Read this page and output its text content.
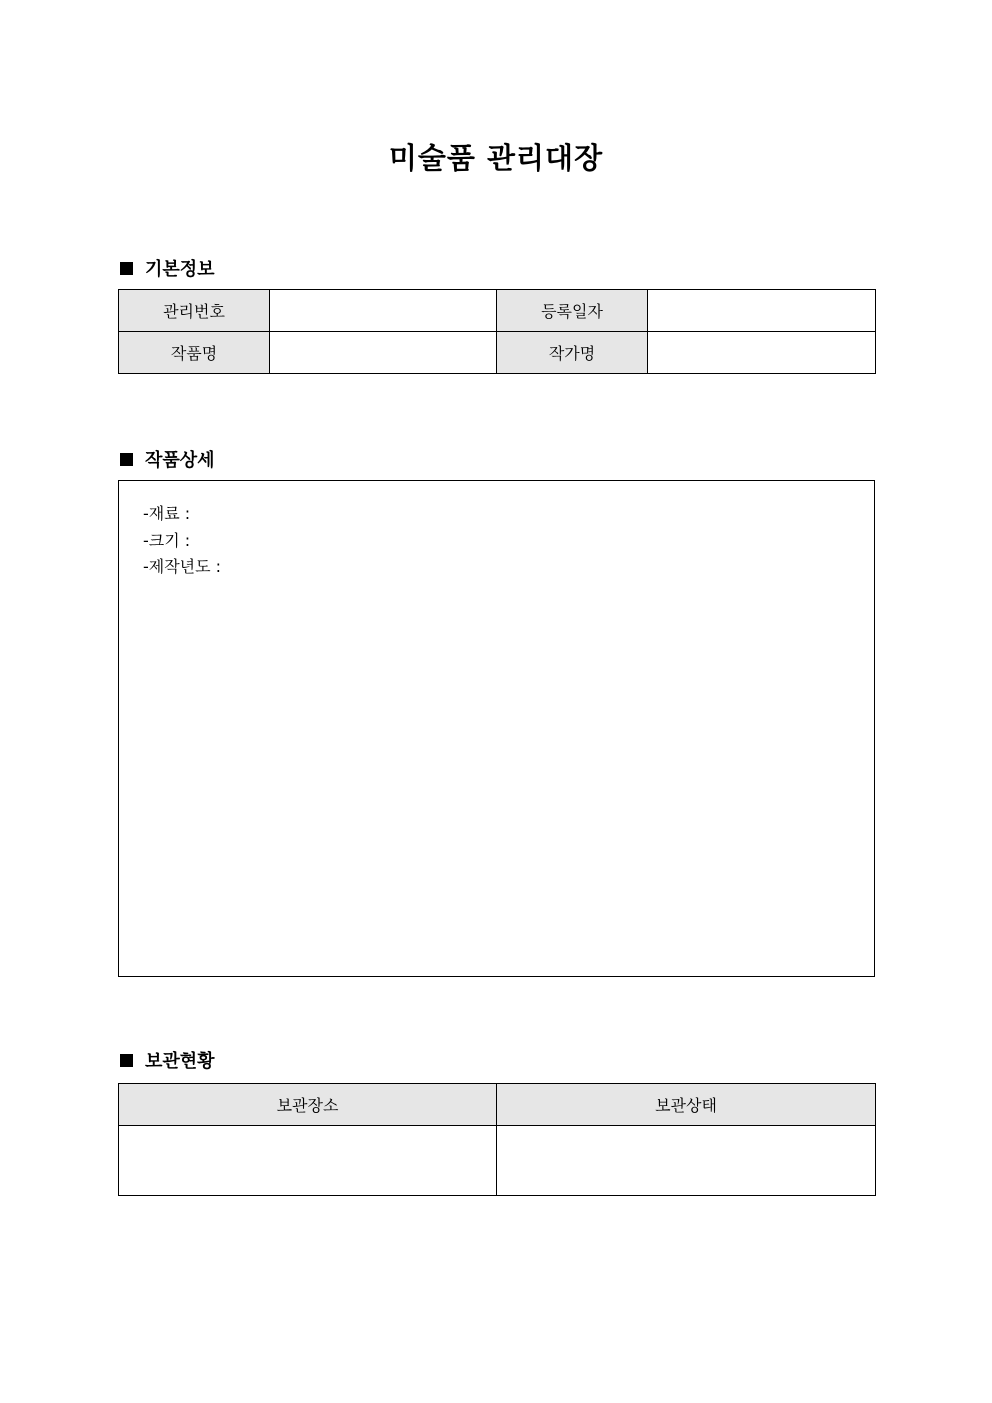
미술품 관리대장
기본정보
관리번호		등록일자	
작품명		작가명	
작품상세
-재료 :
-크기 :
-제작년도 :
보관현황
보관장소	보관상태
